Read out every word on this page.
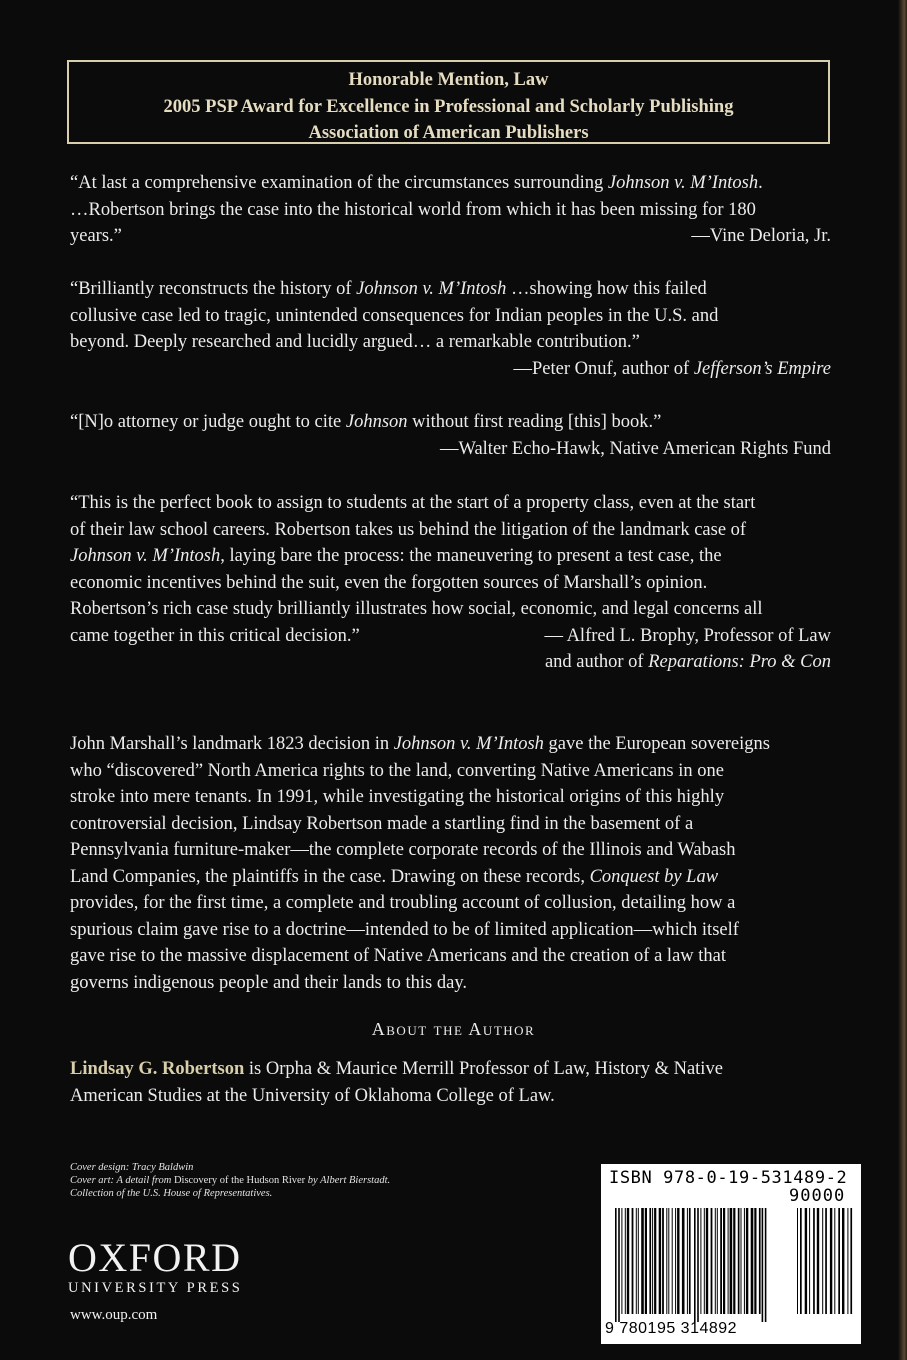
Honorable Mention, Law
2005 PSP Award for Excellence in Professional and Scholarly Publishing
Association of American Publishers
“At last a comprehensive examination of the circumstances surrounding Johnson v. M’Intosh.
…Robertson brings the case into the historical world from which it has been missing for 180
years.”	—Vine Deloria, Jr.
“Brilliantly reconstructs the history of Johnson v. M’Intosh …showing how this failed
collusive case led to tragic, unintended consequences for Indian peoples in the U.S. and
beyond. Deeply researched and lucidly argued… a remarkable contribution.”
—Peter Onuf, author of Jefferson’s Empire
“[N]o attorney or judge ought to cite Johnson without first reading [this] book.”
—Walter Echo-Hawk, Native American Rights Fund
“This is the perfect book to assign to students at the start of a property class, even at the start
of their law school careers. Robertson takes us behind the litigation of the landmark case of
Johnson v. M’Intosh, laying bare the process: the maneuvering to present a test case, the
economic incentives behind the suit, even the forgotten sources of Marshall’s opinion.
Robertson’s rich case study brilliantly illustrates how social, economic, and legal concerns all
came together in this critical decision.”	— Alfred L. Brophy, Professor of Law
and author of Reparations: Pro & Con
John Marshall’s landmark 1823 decision in Johnson v. M’Intosh gave the European sovereigns
who “discovered” North America rights to the land, converting Native Americans in one
stroke into mere tenants. In 1991, while investigating the historical origins of this highly
controversial decision, Lindsay Robertson made a startling find in the basement of a
Pennsylvania furniture-maker—the complete corporate records of the Illinois and Wabash
Land Companies, the plaintiffs in the case. Drawing on these records, Conquest by Law
provides, for the first time, a complete and troubling account of collusion, detailing how a
spurious claim gave rise to a doctrine—intended to be of limited application—which itself
gave rise to the massive displacement of Native Americans and the creation of a law that
governs indigenous people and their lands to this day.
About the Author
Lindsay G. Robertson is Orpha & Maurice Merrill Professor of Law, History & Native
American Studies at the University of Oklahoma College of Law.
Cover design: Tracy Baldwin
Cover art: A detail from Discovery of the Hudson River by Albert Bierstadt.
Collection of the U.S. House of Representatives.
OXFORD
UNIVERSITY PRESS
www.oup.com
ISBN 978-0-19-531489-2
90000
9 780195 314892
